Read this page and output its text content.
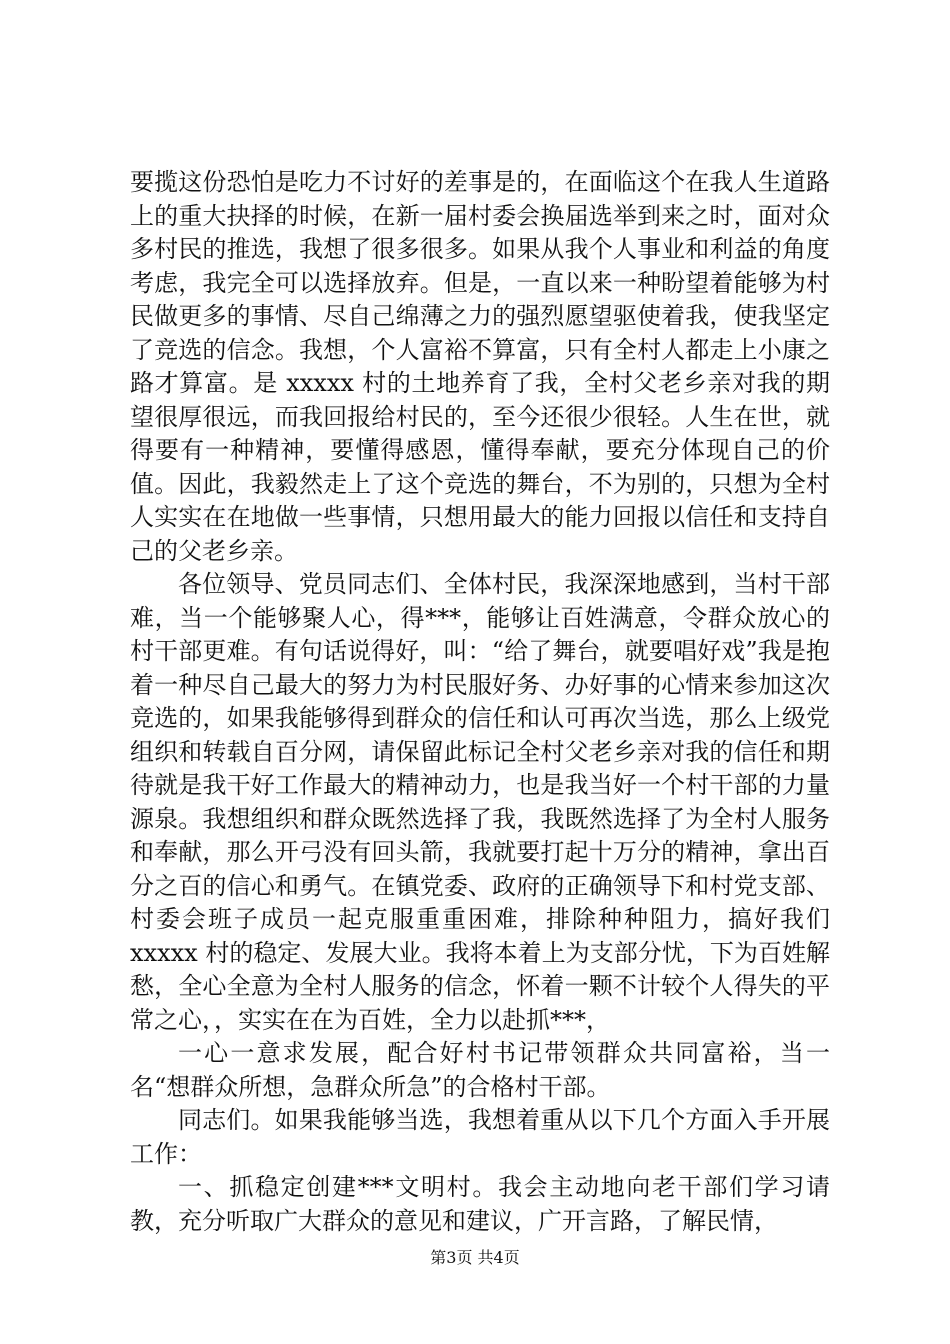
要揽这份恐怕是吃力不讨好的差事是的，在面临这个在我人生道路上的重大抉择的时候，在新一届村委会换届选举到来之时，面对众多村民的推选，我想了很多很多。如果从我个人事业和利益的角度考虑，我完全可以选择放弃。但是，一直以来一种盼望着能够为村民做更多的事情、尽自己绵薄之力的强烈愿望驱使着我，使我坚定了竞选的信念。我想，个人富裕不算富，只有全村人都走上小康之路才算富。是 xxxxx 村的土地养育了我，全村父老乡亲对我的期望很厚很远，而我回报给村民的，至今还很少很轻。人生在世，就得要有一种精神，要懂得感恩，懂得奉献，要充分体现自己的价值。因此，我毅然走上了这个竞选的舞台，不为别的，只想为全村人实实在在地做一些事情，只想用最大的能力回报以信任和支持自己的父老乡亲。

各位领导、党员同志们、全体村民，我深深地感到，当村干部难，当一个能够聚人心，得***，能够让百姓满意，令群众放心的村干部更难。有句话说得好，叫：“给了舞台，就要唱好戏”我是抱着一种尽自己最大的努力为村民服好务、办好事的心情来参加这次竞选的，如果我能够得到群众的信任和认可再次当选，那么上级党组织和转载自百分网，请保留此标记全村父老乡亲对我的信任和期待就是我干好工作最大的精神动力，也是我当好一个村干部的力量源泉。我想组织和群众既然选择了我，我既然选择了为全村人服务和奉献，那么开弓没有回头箭，我就要打起十万分的精神，拿出百分之百的信心和勇气。在镇党委、政府的正确领导下和村党支部、村委会班子成员一起克服重重困难，排除种种阻力，搞好我们 xxxxx 村的稳定、发展大业。我将本着上为支部分忧，下为百姓解愁，全心全意为全村人服务的信念，怀着一颗不计较个人得失的平常之心，，实实在在为百姓，全力以赴抓***，

一心一意求发展，配合好村书记带领群众共同富裕，当一名“想群众所想，急群众所急”的合格村干部。

同志们。如果我能够当选，我想着重从以下几个方面入手开展工作：

一、抓稳定创建***文明村。我会主动地向老干部们学习请教，充分听取广大群众的意见和建议，广开言路，了解民情，

第3页 共4页
